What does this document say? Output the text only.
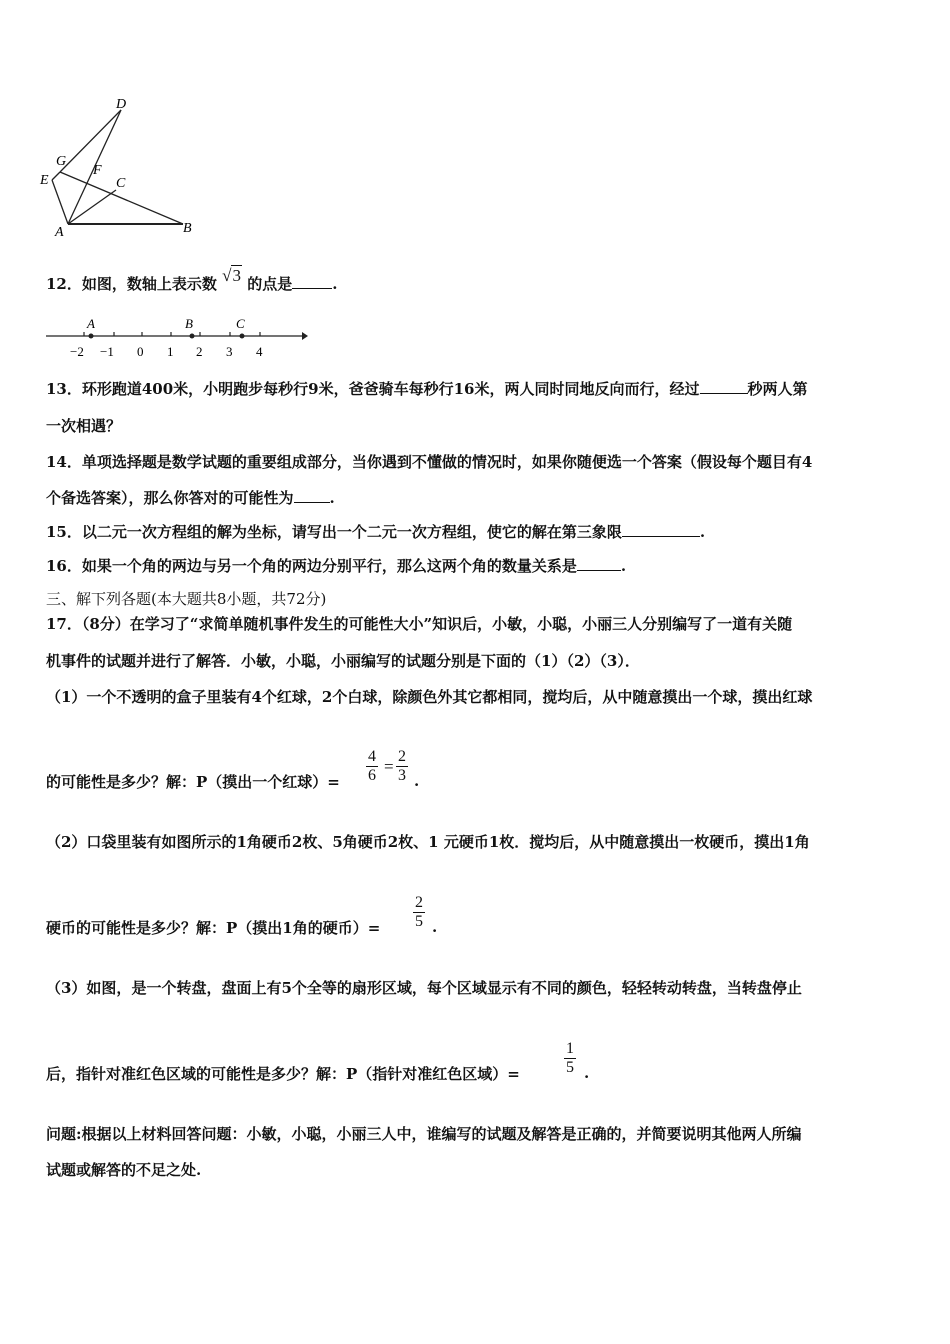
D
G
F
E	C
A	B
12．如图，数轴上表示数 √3 的点是	.
A	B	C
−2 −1 0 1 2 3 4
13．环形跑道400米，小明跑步每秒行9米，爸爸骑车每秒行16米，两人同时同地反向而行，经过	秒两人第
一次相遇？
14．单项选择题是数学试题的重要组成部分，当你遇到不懂做的情况时，如果你随便选一个答案（假设每个题目有4
个备选答案），那么你答对的可能性为 .
15．以二元一次方程组的解为坐标，请写出一个二元一次方程组，使它的解在第三象限	.
16．如果一个角的两边与另一个角的两边分别平行，那么这两个角的数量关系是	.
三、解下列各题(本大题共8小题，共72分)
17．（8分）在学习了“求简单随机事件发生的可能性大小”知识后，小敏，小聪，小丽三人分别编写了一道有关随
机事件的试题并进行了解答．小敏，小聪，小丽编写的试题分别是下面的（1）（2）（3）．
（1）一个不透明的盒子里装有4个红球，2个白球，除颜色外其它都相同，搅均后，从中随意摸出一个球，摸出红球
的可能性是多少？解：P（摸出一个红球）= $\frac{4}{6} = \frac{2}{3}$ .
（2）口袋里装有如图所示的1角硬币2枚、5角硬币2枚、1 元硬币1枚．搅均后，从中随意摸出一枚硬币，摸出1角
硬币的可能性是多少？解：P（摸出1角的硬币）= $\frac{2}{5}$ .
（3）如图，是一个转盘，盘面上有5个全等的扇形区域，每个区域显示有不同的颜色，轻轻转动转盘，当转盘停止
后，指针对准红色区域的可能性是多少？解：P（指针对准红色区域）=	$\frac{1}{5}$ .
问题:根据以上材料回答问题：小敏，小聪，小丽三人中，谁编写的试题及解答是正确的，并简要说明其他两人所编
试题或解答的不足之处.
